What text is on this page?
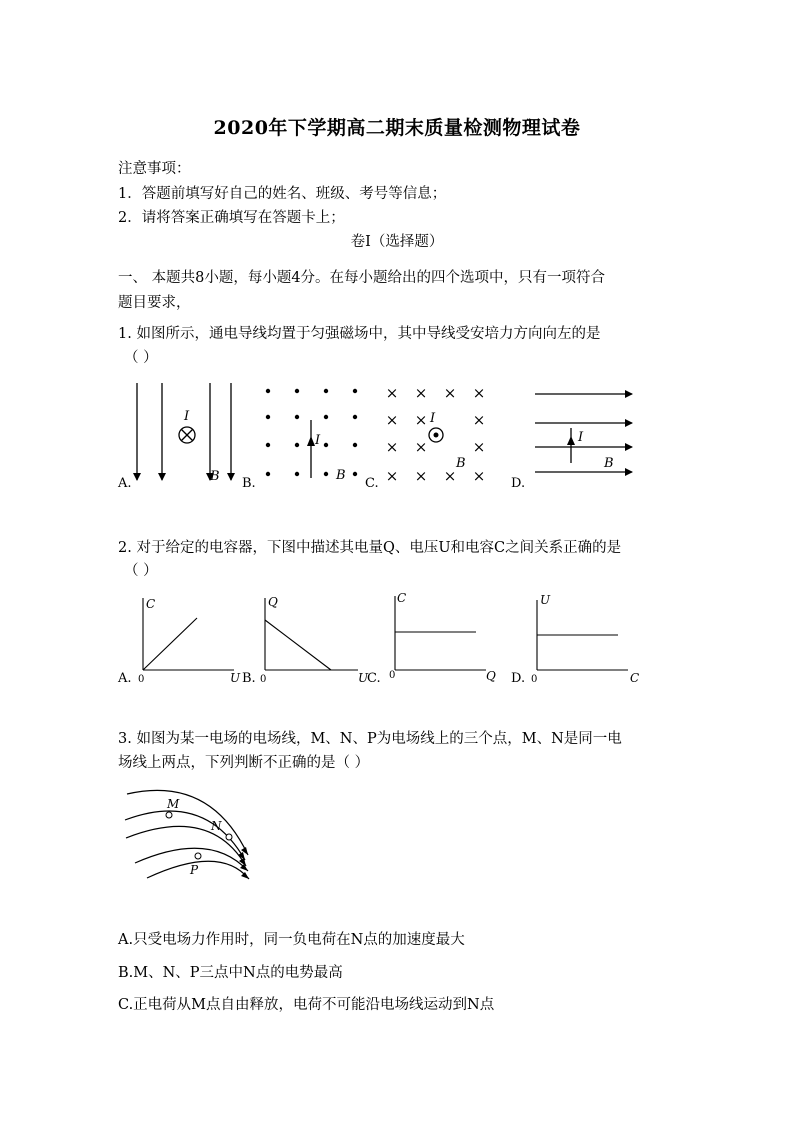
2020年下学期高二期末质量检测物理试卷
注意事项：
1．答题前填写好自己的姓名、班级、考号等信息；
2．请将答案正确填写在答题卡上；
卷I（选择题）
一、 本题共8小题，每小题4分。在每小题给出的四个选项中，只有一项符合
题目要求，
1. 如图所示，通电导线均置于匀强磁场中，其中导线受安培力方向向左的是
（ ）
I
B
I
B
× × × ×
× ×	×
× ×	×
× × × ×
I
B
I
B
A.	B.	C.	D.
2. 对于给定的电容器，下图中描述其电量Q、电压U和电容C之间关系正确的是
（ ）
C
U
Q
U
C
Q
U
C
0	0	0	0
A.	B.	C.	D.
3. 如图为某一电场的电场线，M、N、P为电场线上的三个点，M、N是同一电
场线上两点，下列判断不正确的是（ ）
M
N
P
A.只受电场力作用时，同一负电荷在N点的加速度最大
B.M、N、P三点中N点的电势最高
C.正电荷从M点自由释放，电荷不可能沿电场线运动到N点
